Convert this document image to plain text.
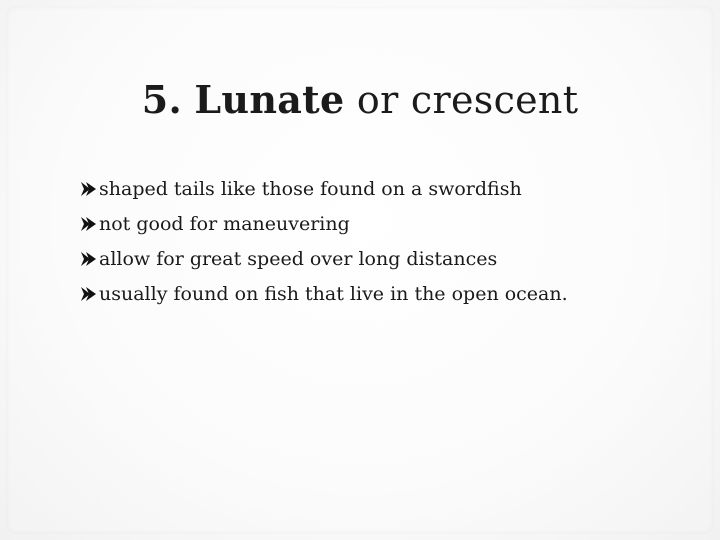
5. Lunate or crescent
shaped tails like those found on a swordfish
not good for maneuvering
allow for great speed over long distances
usually found on fish that live in the open ocean.
